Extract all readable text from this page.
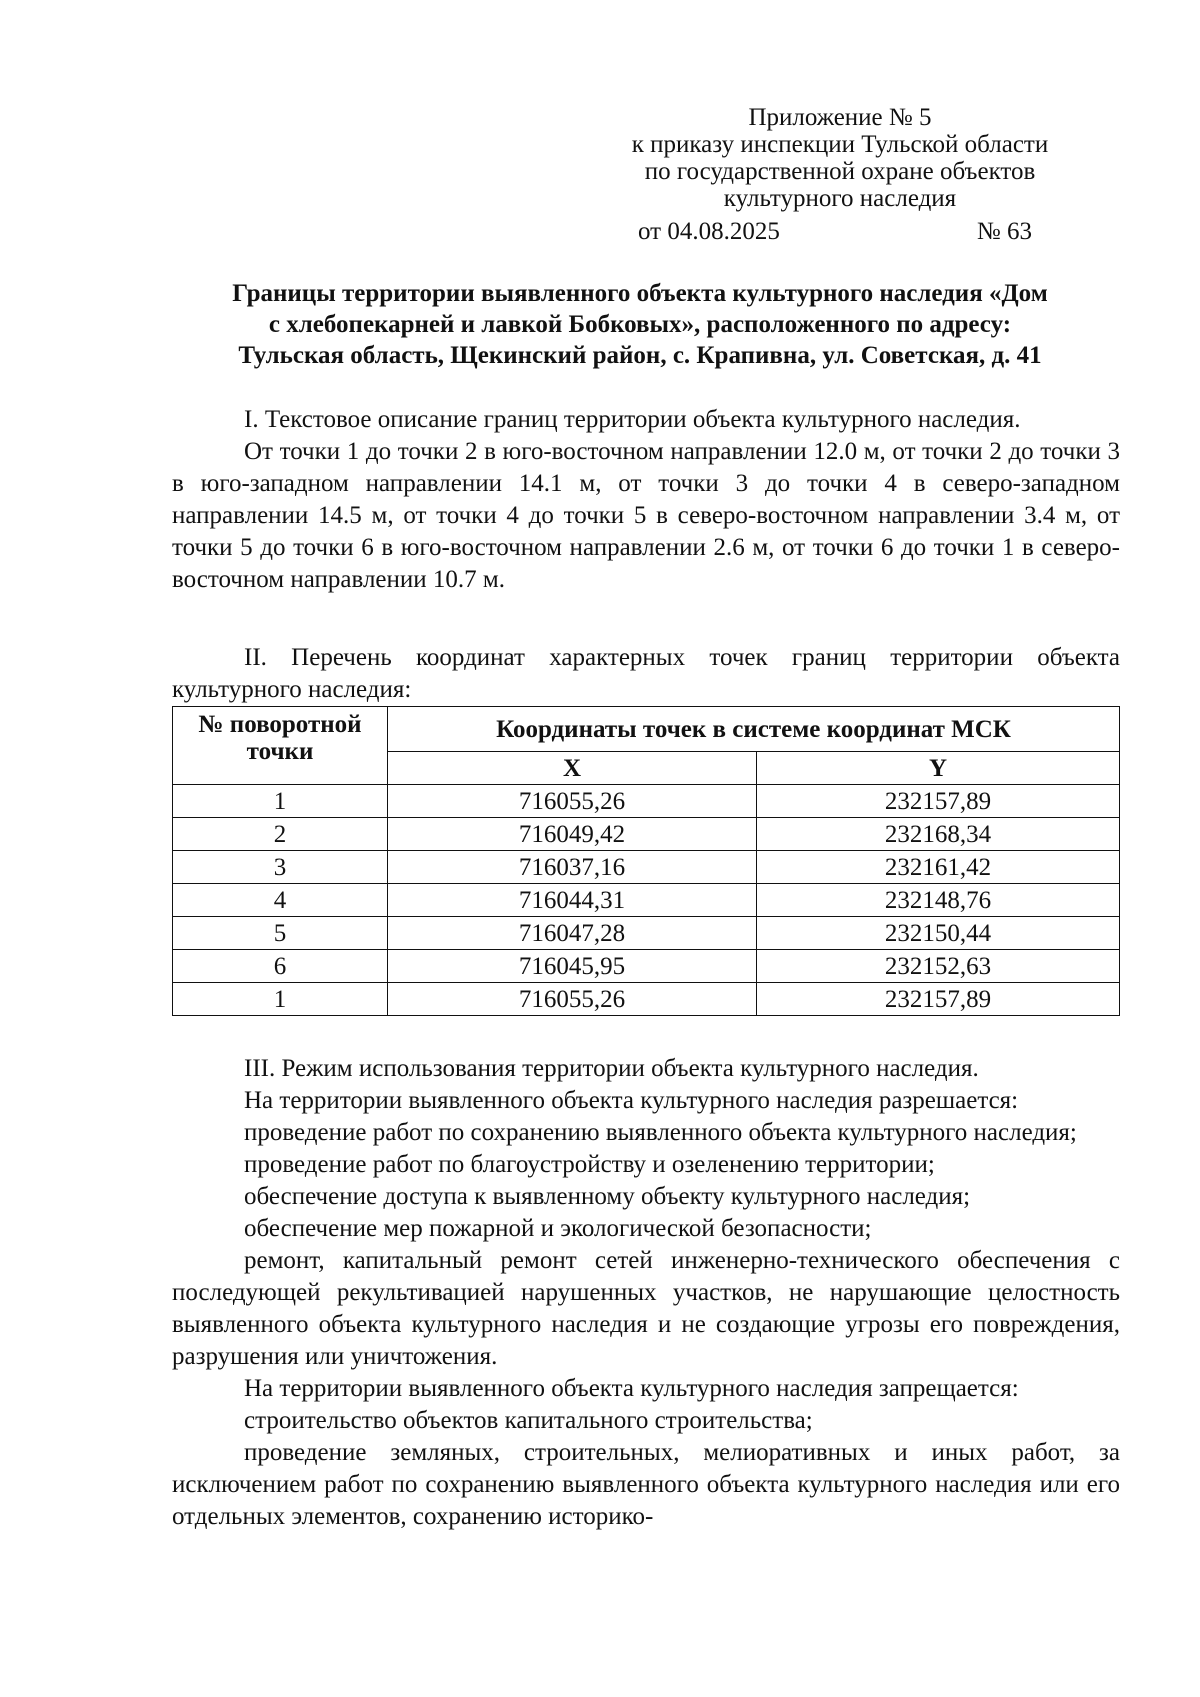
Приложение № 5
к приказу инспекции Тульской области
по государственной охране объектов
культурного наследия
от 04.08.2025	№ 63
Границы территории выявленного объекта культурного наследия «Дом
с хлебопекарней и лавкой Бобковых», расположенного по адресу:
Тульская область, Щекинский район, с. Крапивна, ул. Советская, д. 41

I. Текстовое описание границ территории объекта культурного наследия.

От точки 1 до точки 2 в юго-восточном направлении 12.0 м, от точки 2 до точки 3 в юго-западном направлении 14.1 м, от точки 3 до точки 4 в северо-западном направлении 14.5 м, от точки 4 до точки 5 в северо-восточном направлении 3.4 м, от точки 5 до точки 6 в юго-восточном направлении 2.6 м, от точки 6 до точки 1 в северо-восточном направлении 10.7 м.

II. Перечень координат характерных точек границ территории объекта культурного наследия:

№ поворотной точки	Координаты точек в системе координат МСК	
	X	Y
1	716055,26	232157,89
2	716049,42	232168,34
3	716037,16	232161,42
4	716044,31	232148,76
5	716047,28	232150,44
6	716045,95	232152,63
1	716055,26	232157,89

III. Режим использования территории объекта культурного наследия.

На территории выявленного объекта культурного наследия разрешается:

проведение работ по сохранению выявленного объекта культурного наследия;

проведение работ по благоустройству и озеленению территории;

обеспечение доступа к выявленному объекту культурного наследия;

обеспечение мер пожарной и экологической безопасности;

ремонт, капитальный ремонт сетей инженерно-технического обеспечения с последующей рекультивацией нарушенных участков, не нарушающие целостность выявленного объекта культурного наследия и не создающие угрозы его повреждения, разрушения или уничтожения.

На территории выявленного объекта культурного наследия запрещается:

строительство объектов капитального строительства;

проведение земляных, строительных, мелиоративных и иных работ, за исключением работ по сохранению выявленного объекта культурного наследия или его отдельных элементов, сохранению историко-
